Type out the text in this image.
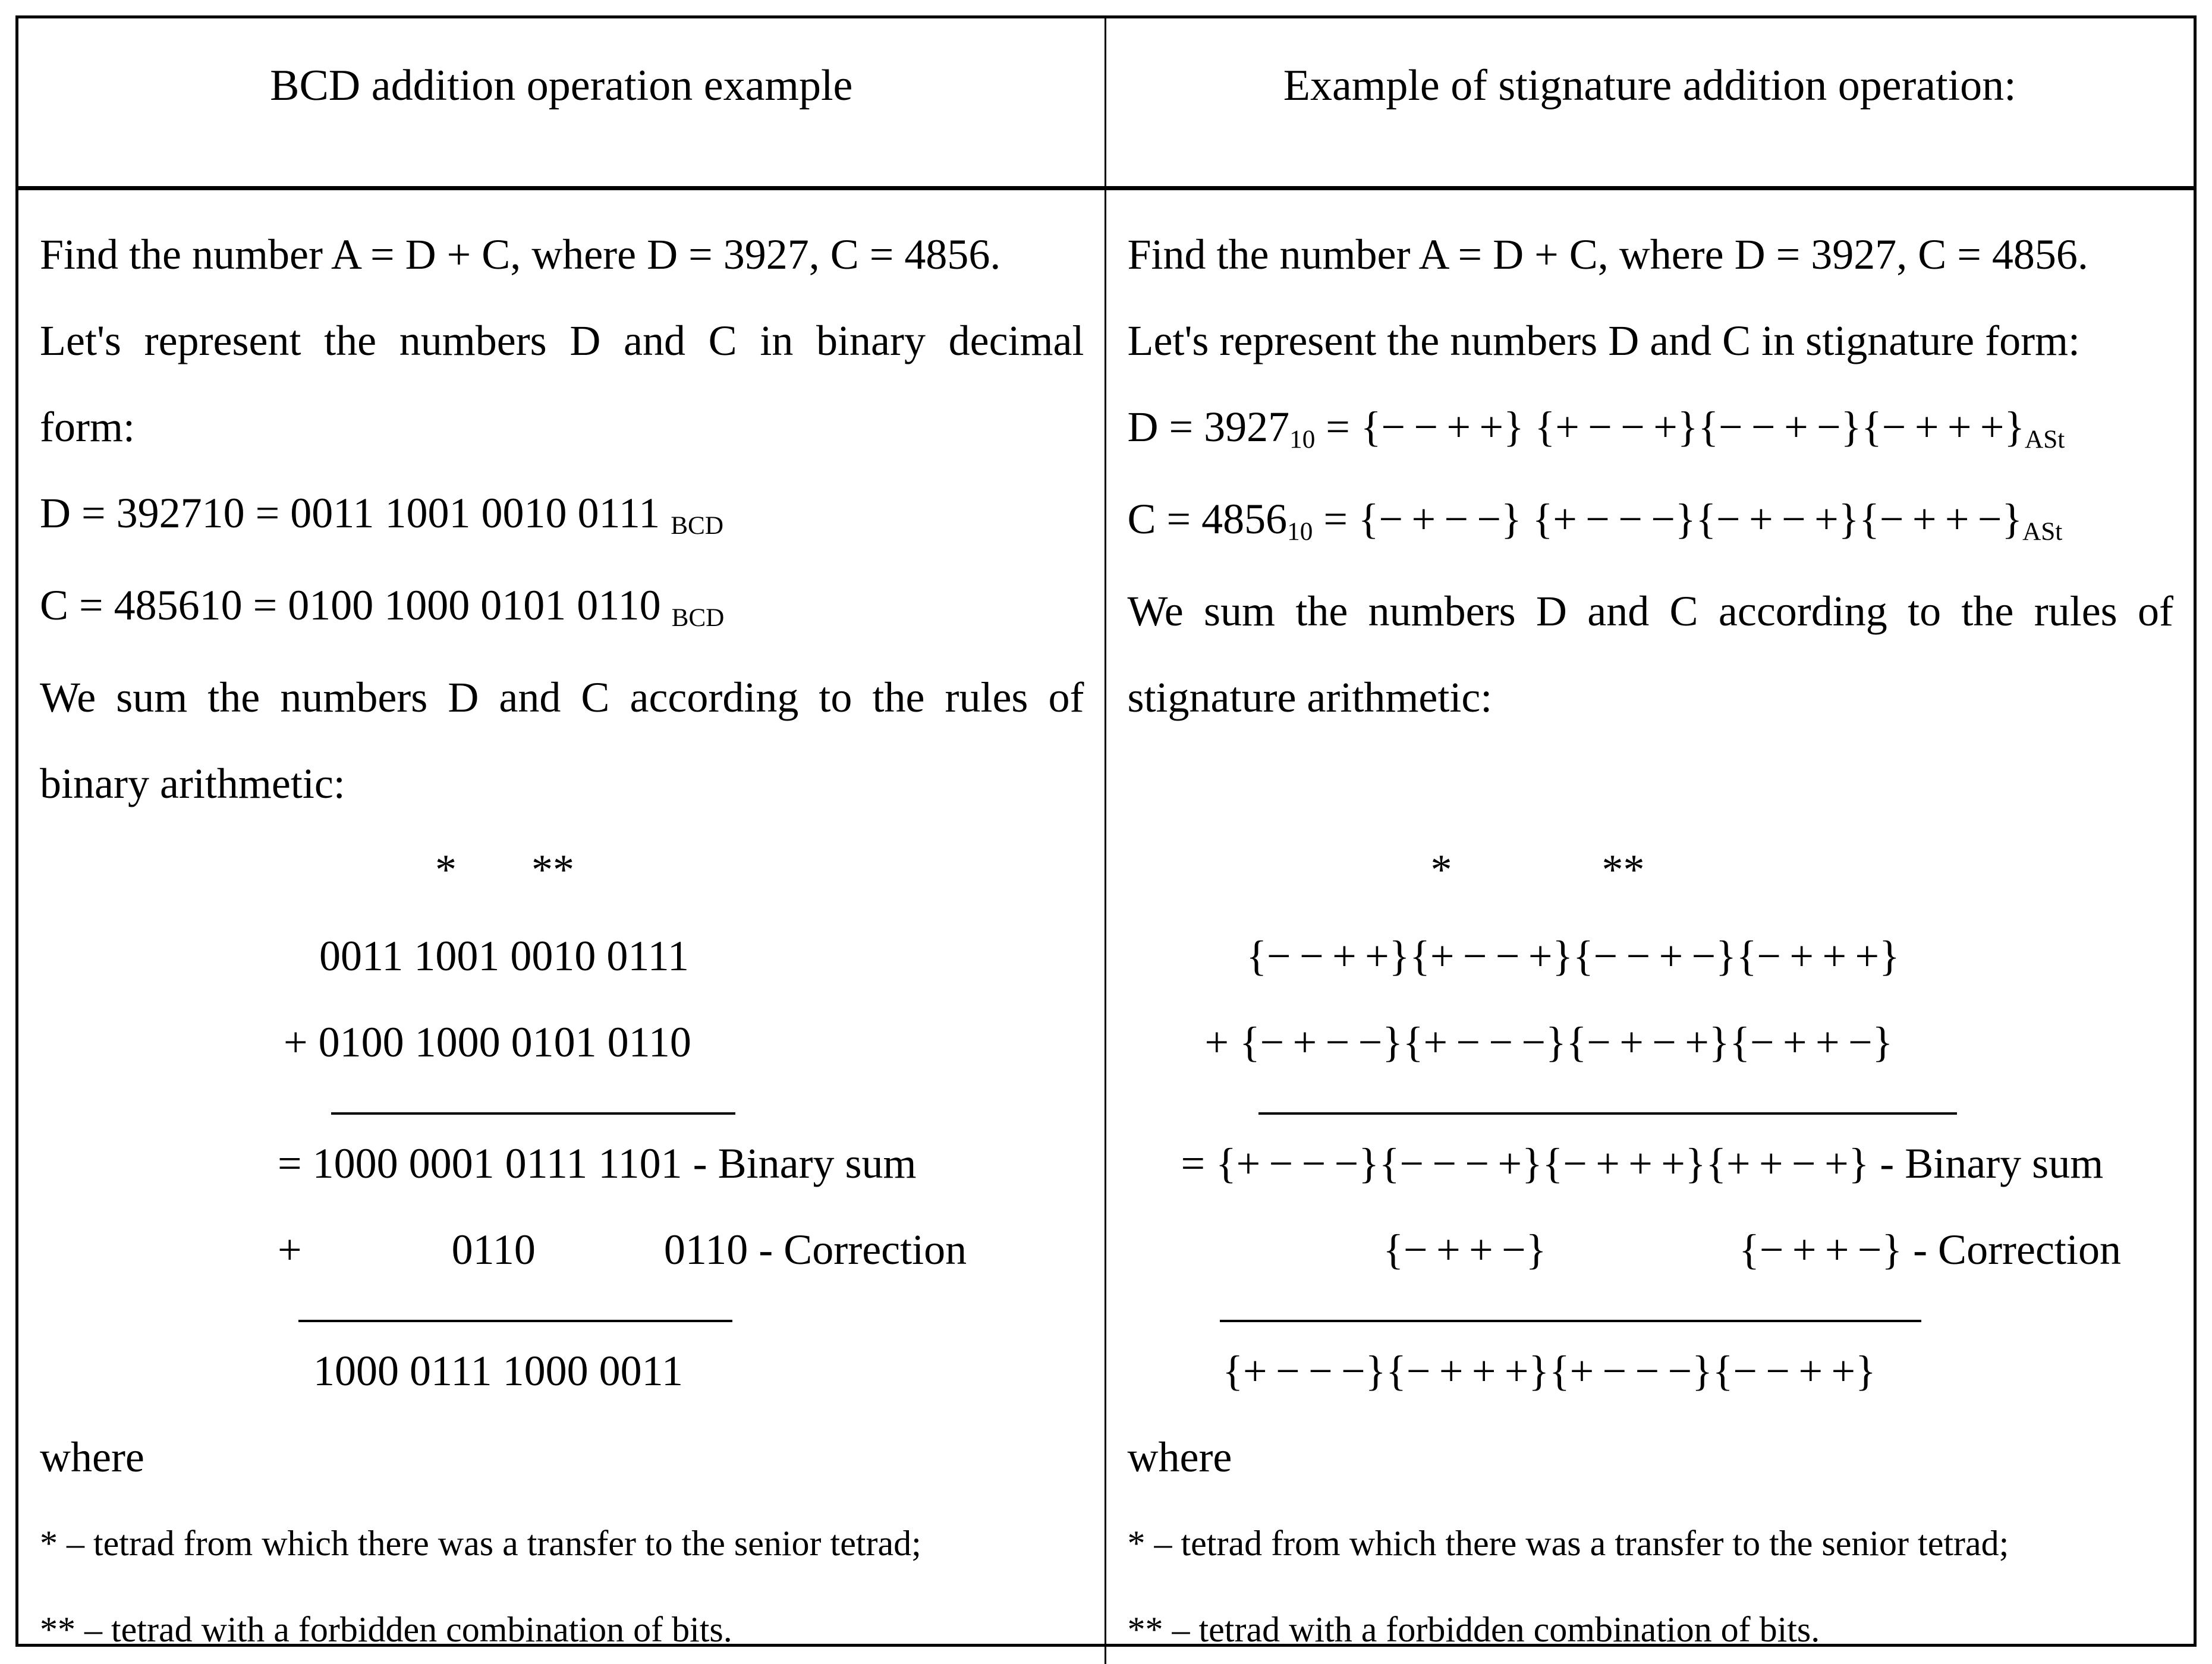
BCD addition operation example	Example of stignature addition operation:
Find the number A = D + C, where D = 3927, C = 4856.
Let's represent the numbers D and C in binary decimal
form:
D = 392710 = 0011 1001 0010 0111 BCD
C = 485610 = 0100 1000 0101 0110 BCD
We sum the numbers D and C according to the rules of
binary arithmetic:
*       **
0011 1001 0010 0111
+ 0100 1000 0101 0110
= 1000 0001 0111 1101 - Binary sum
+              0110            0110 - Correction
1000 0111 1000 0011
where
* – tetrad from which there was a transfer to the senior tetrad;
** – tetrad with a forbidden combination of bits.
Find the number A = D + C, where D = 3927, C = 4856.
Let's represent the numbers D and C in stignature form:
D = 392710 = {− − + +} {+ − − +}{− − + −}{− + + +}ASt
C = 485610 = {− + − −} {+ − − −}{− + − +}{− + + −}ASt
We sum the numbers D and C according to the rules of
stignature arithmetic:
*              **
{− − + +}{+ − − +}{− − + −}{− + + +}
+ {− + − −}{+ − − −}{− + − +}{− + + −}
= {+ − − −}{− − − +}{− + + +}{+ + − +} - Binary sum
{− + + −}                  {− + + −} - Correction
{+ − − −}{− + + +}{+ − − −}{− − + +}
where
* – tetrad from which there was a transfer to the senior tetrad;
** – tetrad with a forbidden combination of bits.
